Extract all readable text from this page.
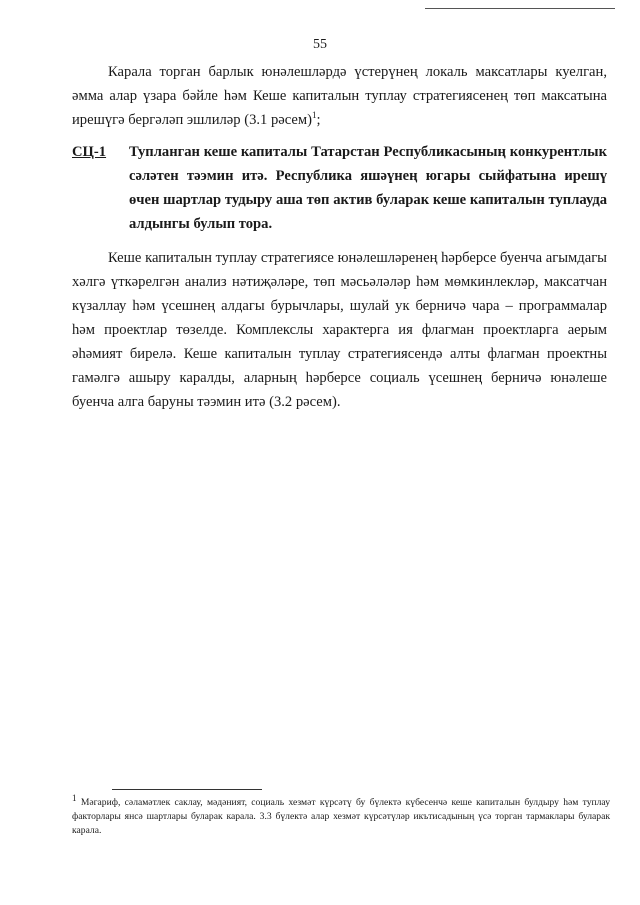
55

Карала торган барлык юнәлешләрдә үстерүнең локаль максатлары куелган, әмма алар үзара бәйле һәм Кеше капиталын туплау стратегиясенең төп максатына ирешүгә бергәләп эшлиләр (3.1 рәсем)$^1$;

СЦ-1 Тупланган кеше капиталы Татарстан Республикасының конкурентлык сәләтен тәэмин итә. Республика яшәүнең югары сыйфатына ирешү өчен шартлар тудыру аша төп актив буларак кеше капиталын туплауда алдынгы булып тора.

Кеше капиталын туплау стратегиясе юнәлешләренең һәрберсе буенча агымдагы хәлгә үткәрелгән анализ нәтиҗәләре, төп мәсьәләләр һәм мөмкинлекләр, максатчан күзаллау һәм үсешнең алдагы бурычлары, шулай ук берничә чара – программалар һәм проектлар төзелде. Комплекслы характерга ия флагман проектларга аерым әһәмият бирелә. Кеше капиталын туплау стратегиясендә алты флагман проектны гамәлгә ашыру каралды, аларның һәрберсе социаль үсешнең берничә юнәлеше буенча алга баруны тәэмин итә (3.2 рәсем).

$^1$ Мәгариф, сәламәтлек саклау, мәдәният, социаль хезмәт күрсәтү бу бүлектә күбесенчә кеше капиталын булдыру һәм туплау факторлары янсә шартлары буларак карала. 3.3 бүлектә алар хезмәт күрсәтүләр икътисадының үсә торган тармаклары буларак карала.
